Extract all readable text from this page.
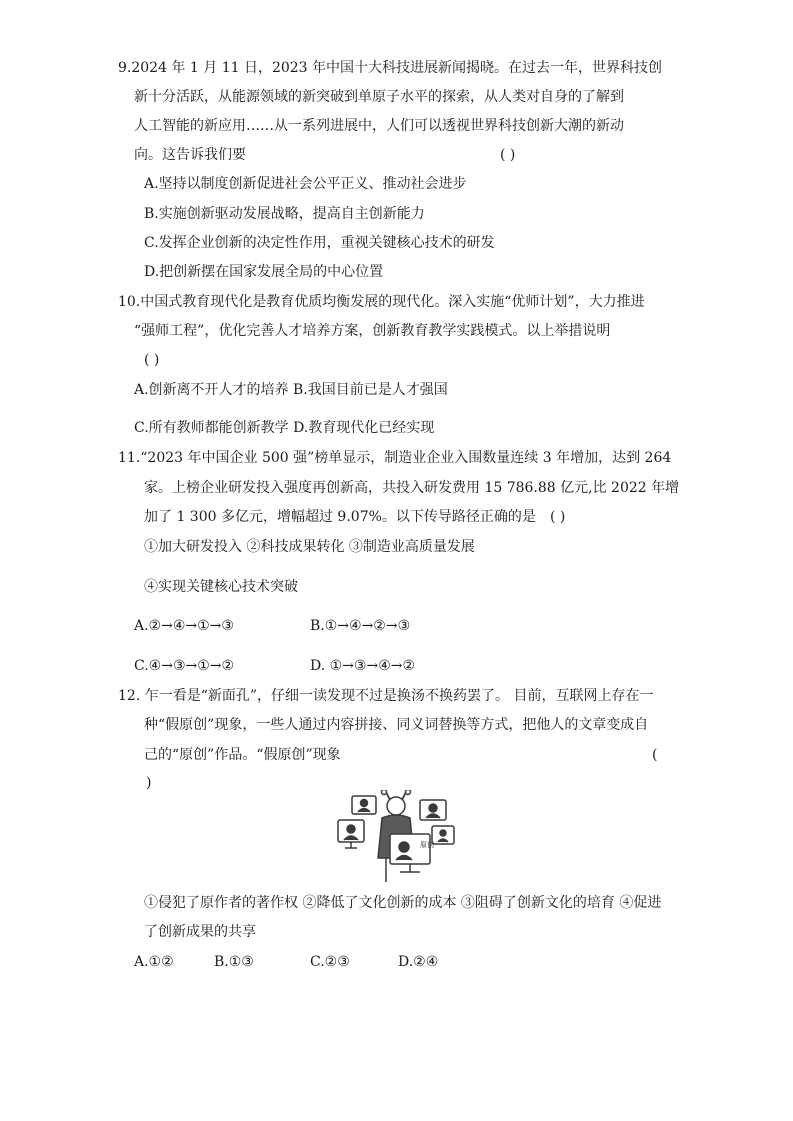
9.2024 年 1 月 11 日，2023 年中国十大科技进展新闻揭晓。在过去一年，世界科技创
新十分活跃，从能源领域的新突破到单原子水平的探索，从人类对自身的了解到
人工智能的新应用……从一系列进展中，人们可以透视世界科技创新大潮的新动
向。这告诉我们要	( )
A.坚持以制度创新促进社会公平正义、推动社会进步
B.实施创新驱动发展战略，提高自主创新能力
C.发挥企业创新的决定性作用，重视关键核心技术的研发
D.把创新摆在国家发展全局的中心位置
10.中国式教育现代化是教育优质均衡发展的现代化。深入实施“优师计划”，大力推进
“强师工程”，优化完善人才培养方案，创新教育教学实践模式。以上举措说明
( )
A.创新离不开人才的培养 B.我国目前已是人才强国
C.所有教师都能创新教学 D.教育现代化已经实现
11.“2023 年中国企业 500 强”榜单显示，制造业企业入围数量连续 3 年增加，达到 264
家。上榜企业研发投入强度再创新高，共投入研发费用 15 786.88 亿元,比 2022 年增
加了 1 300 多亿元，增幅超过 9.07%。以下传导路径正确的是 ( )
①加大研发投入 ②科技成果转化 ③制造业高质量发展
④实现关键核心技术突破
A.②→④→①→③	B.①→④→②→③
C.④→③→①→②	D. ①→③→④→②
12. 乍一看是“新面孔”，仔细一读发现不过是换汤不换药罢了。 目前，互联网上存在一
种“假原创”现象，一些人通过内容拼接、同义词替换等方式，把他人的文章变成自
己的“原创”作品。“假原创”现象	(
)
原创
①侵犯了原作者的著作权 ②降低了文化创新的成本 ③阻碍了创新文化的培育 ④促进
了创新成果的共享
A.①②	B.①③	C.②③	D.②④
